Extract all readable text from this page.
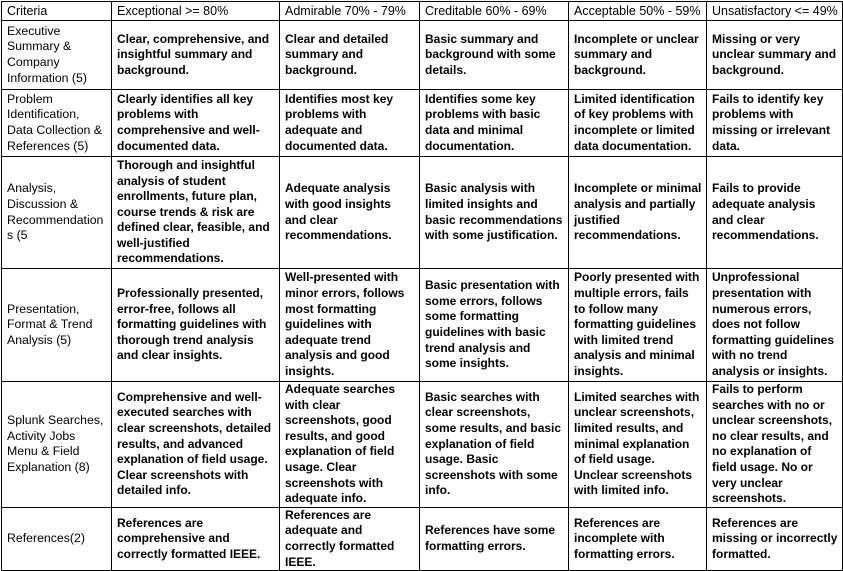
Criteria	Exceptional >= 80%	Admirable 70% - 79%	Creditable 60% - 69%	Acceptable 50% - 59%	Unsatisfactory <= 49%
Executive Summary & Company Information (5)	Clear, comprehensive, and insightful summary and background.	Clear and detailed summary and background.	Basic summary and background with some details.	Incomplete or unclear summary and background.	Missing or very unclear summary and background.
Problem Identification, Data Collection & References (5)	Clearly identifies all key problems with comprehensive and well-documented data.	Identifies most key problems with adequate and documented data.	Identifies some key problems with basic data and minimal documentation.	Limited identification of key problems with incomplete or limited data documentation.	Fails to identify key problems with missing or irrelevant data.
Analysis, Discussion & Recommendations (5	Thorough and insightful analysis of student enrollments, future plan, course trends & risk are defined clear, feasible, and well-justified recommendations.	Adequate analysis with good insights and clear recommendations.	Basic analysis with limited insights and basic recommendations with some justification.	Incomplete or minimal analysis and partially justified recommendations.	Fails to provide adequate analysis and clear recommendations.
Presentation, Format & Trend Analysis (5)	Professionally presented, error-free, follows all formatting guidelines with thorough trend analysis and clear insights.	Well-presented with minor errors, follows most formatting guidelines with adequate trend analysis and good insights.	Basic presentation with some errors, follows some formatting guidelines with basic trend analysis and some insights.	Poorly presented with multiple errors, fails to follow many formatting guidelines with limited trend analysis and minimal insights.	Unprofessional presentation with numerous errors, does not follow formatting guidelines with no trend analysis or insights.
Splunk Searches, Activity Jobs Menu & Field Explanation (8)	Comprehensive and well-executed searches with clear screenshots, detailed results, and advanced explanation of field usage. Clear screenshots with detailed info.	Adequate searches with clear screenshots, good results, and good explanation of field usage. Clear screenshots with adequate info.	Basic searches with clear screenshots, some results, and basic explanation of field usage. Basic screenshots with some info.	Limited searches with unclear screenshots, limited results, and minimal explanation of field usage. Unclear screenshots with limited info.	Fails to perform searches with no or unclear screenshots, no clear results, and no explanation of field usage. No or very unclear screenshots.
References(2)	References are comprehensive and correctly formatted IEEE.	References are adequate and correctly formatted IEEE.	References have some formatting errors.	References are incomplete with formatting errors.	References are missing or incorrectly formatted.
